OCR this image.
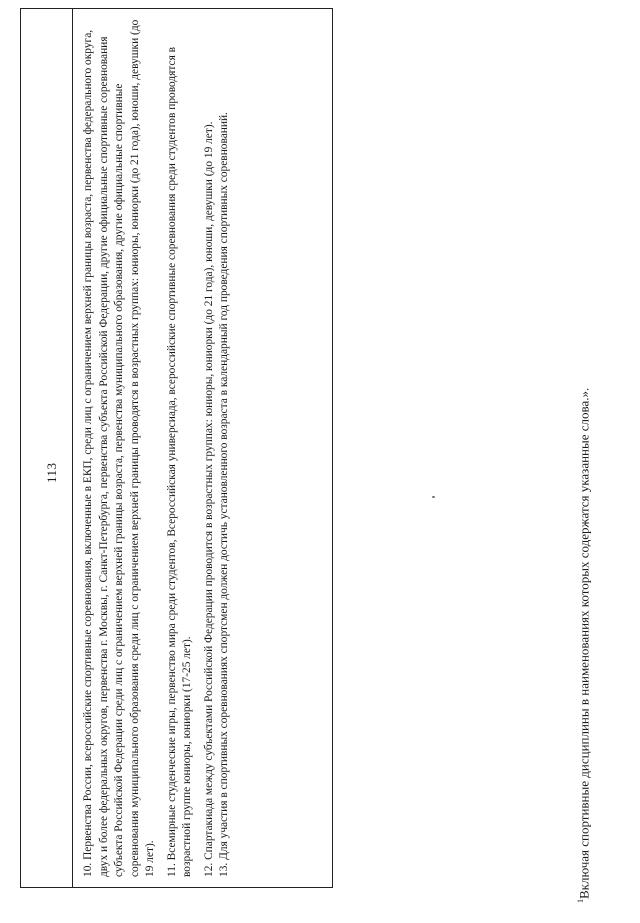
113 10. Первенства России, всероссийские спортивные соревнования, включенные в ЕКП, среди лиц с ограничением верхней границы возраста, первенства федерального округа, двух и более федеральных округов, первенства г. Москвы, г. Санкт-Петербурга, первенства субъекта Российской Федерации, другие официальные спортивные соревнования субъекта Российской Федерации среди лиц с ограничением верхней границы возраста, первенства муниципального образования, другие официальные спортивные соревнования муниципального образования среди лиц с ограничением верхней границы проводятся в возрастных группах: юниоры, юниорки (до 21 года), юноши, девушки (до 19 лет). 11. Всемирные студенческие игры, первенство мира среди студентов, Всероссийская универсиада, всероссийские спортивные соревнования среди студентов проводятся в возрастной группе юниоры, юниорки (17-25 лет). 12. Спартакиада между субъектами Российской Федерации проводится в возрастных группах: юниоры, юниорки (до 21 года), юноши, девушки (до 19 лет). 13. Для участия в спортивных соревнованиях спортсмен должен достичь установленного возраста в календарный год проведения спортивных соревнований.

$^1$Включая спортивные дисциплины в наименованиях которых содержатся указанные слова.».
